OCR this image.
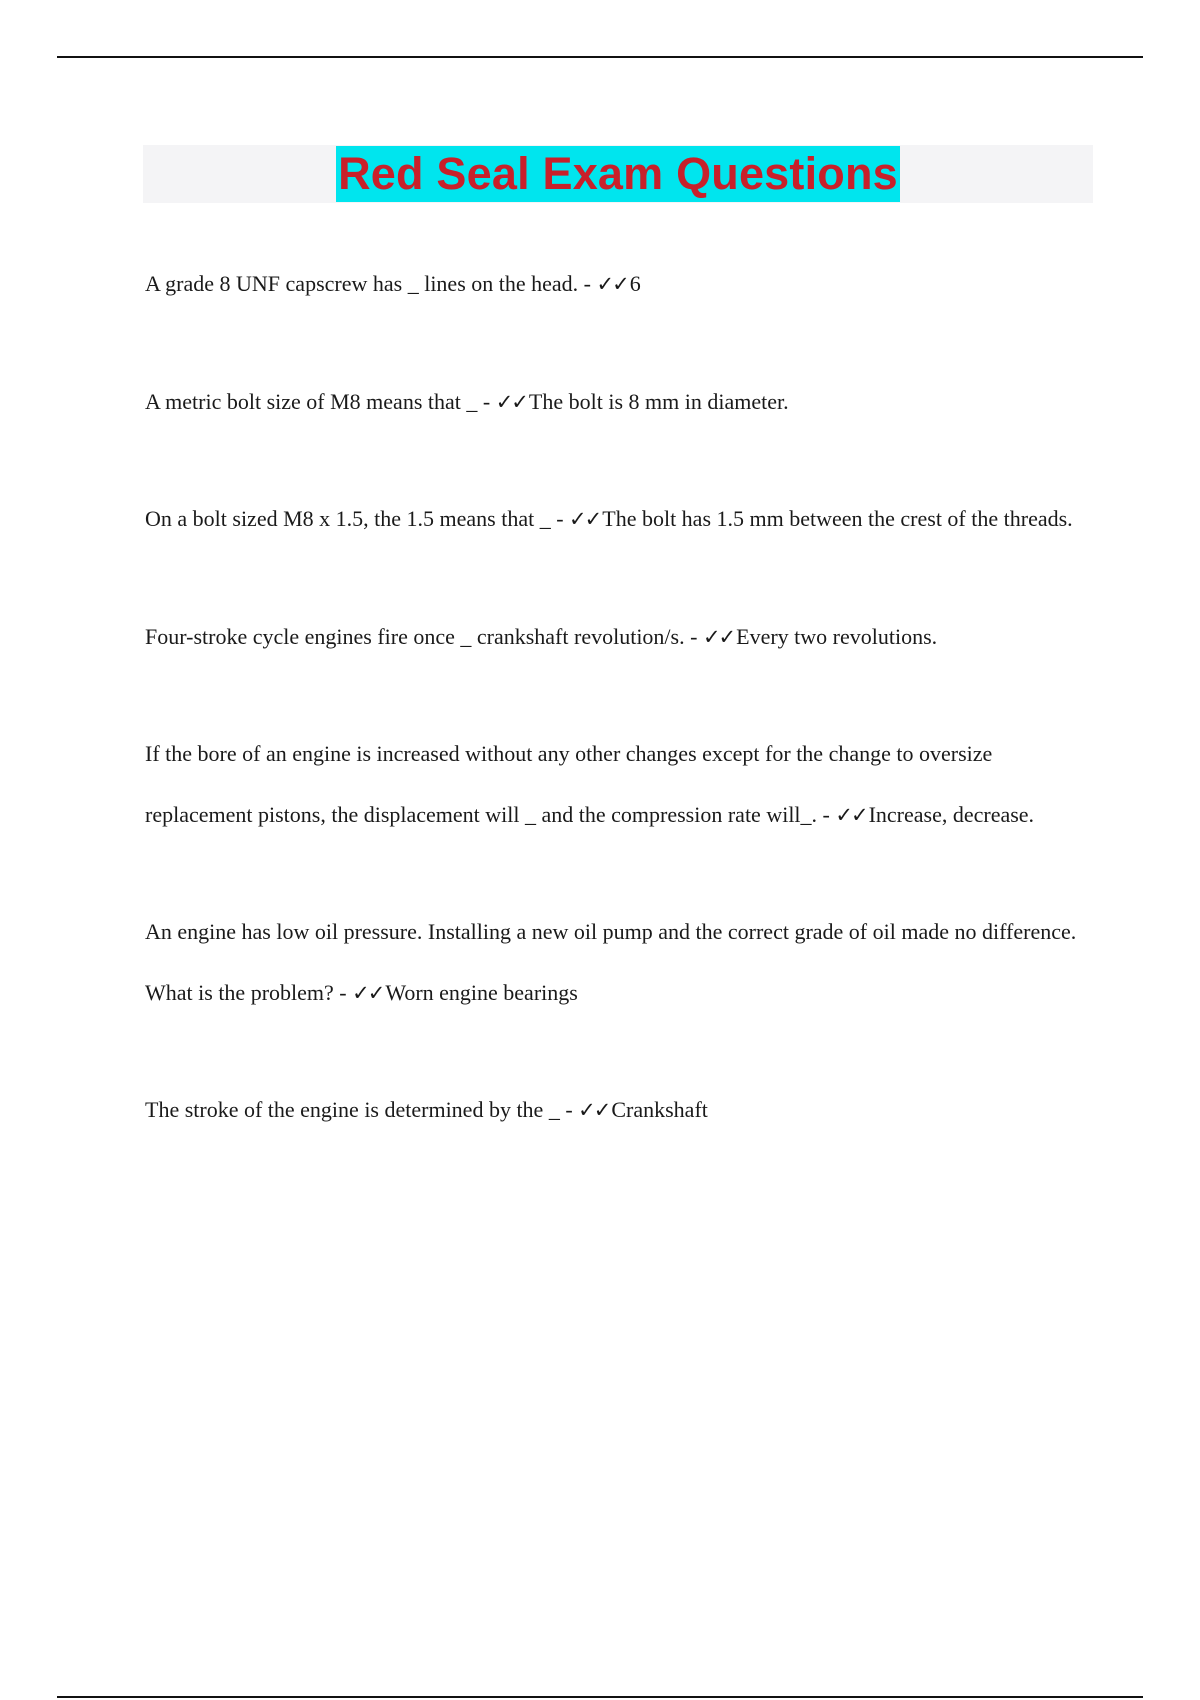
Red Seal Exam Questions

A grade 8 UNF capscrew has _ lines on the head. - ✓✓6

A metric bolt size of M8 means that _ - ✓✓The bolt is 8 mm in diameter.

On a bolt sized M8 x 1.5, the 1.5 means that _ - ✓✓The bolt has 1.5 mm between the crest of the threads.

Four-stroke cycle engines fire once _ crankshaft revolution/s. - ✓✓Every two revolutions.

If the bore of an engine is increased without any other changes except for the change to oversize replacement pistons, the displacement will _ and the compression rate will_. - ✓✓Increase, decrease.

An engine has low oil pressure. Installing a new oil pump and the correct grade of oil made no difference. What is the problem? - ✓✓Worn engine bearings

The stroke of the engine is determined by the _ - ✓✓Crankshaft
